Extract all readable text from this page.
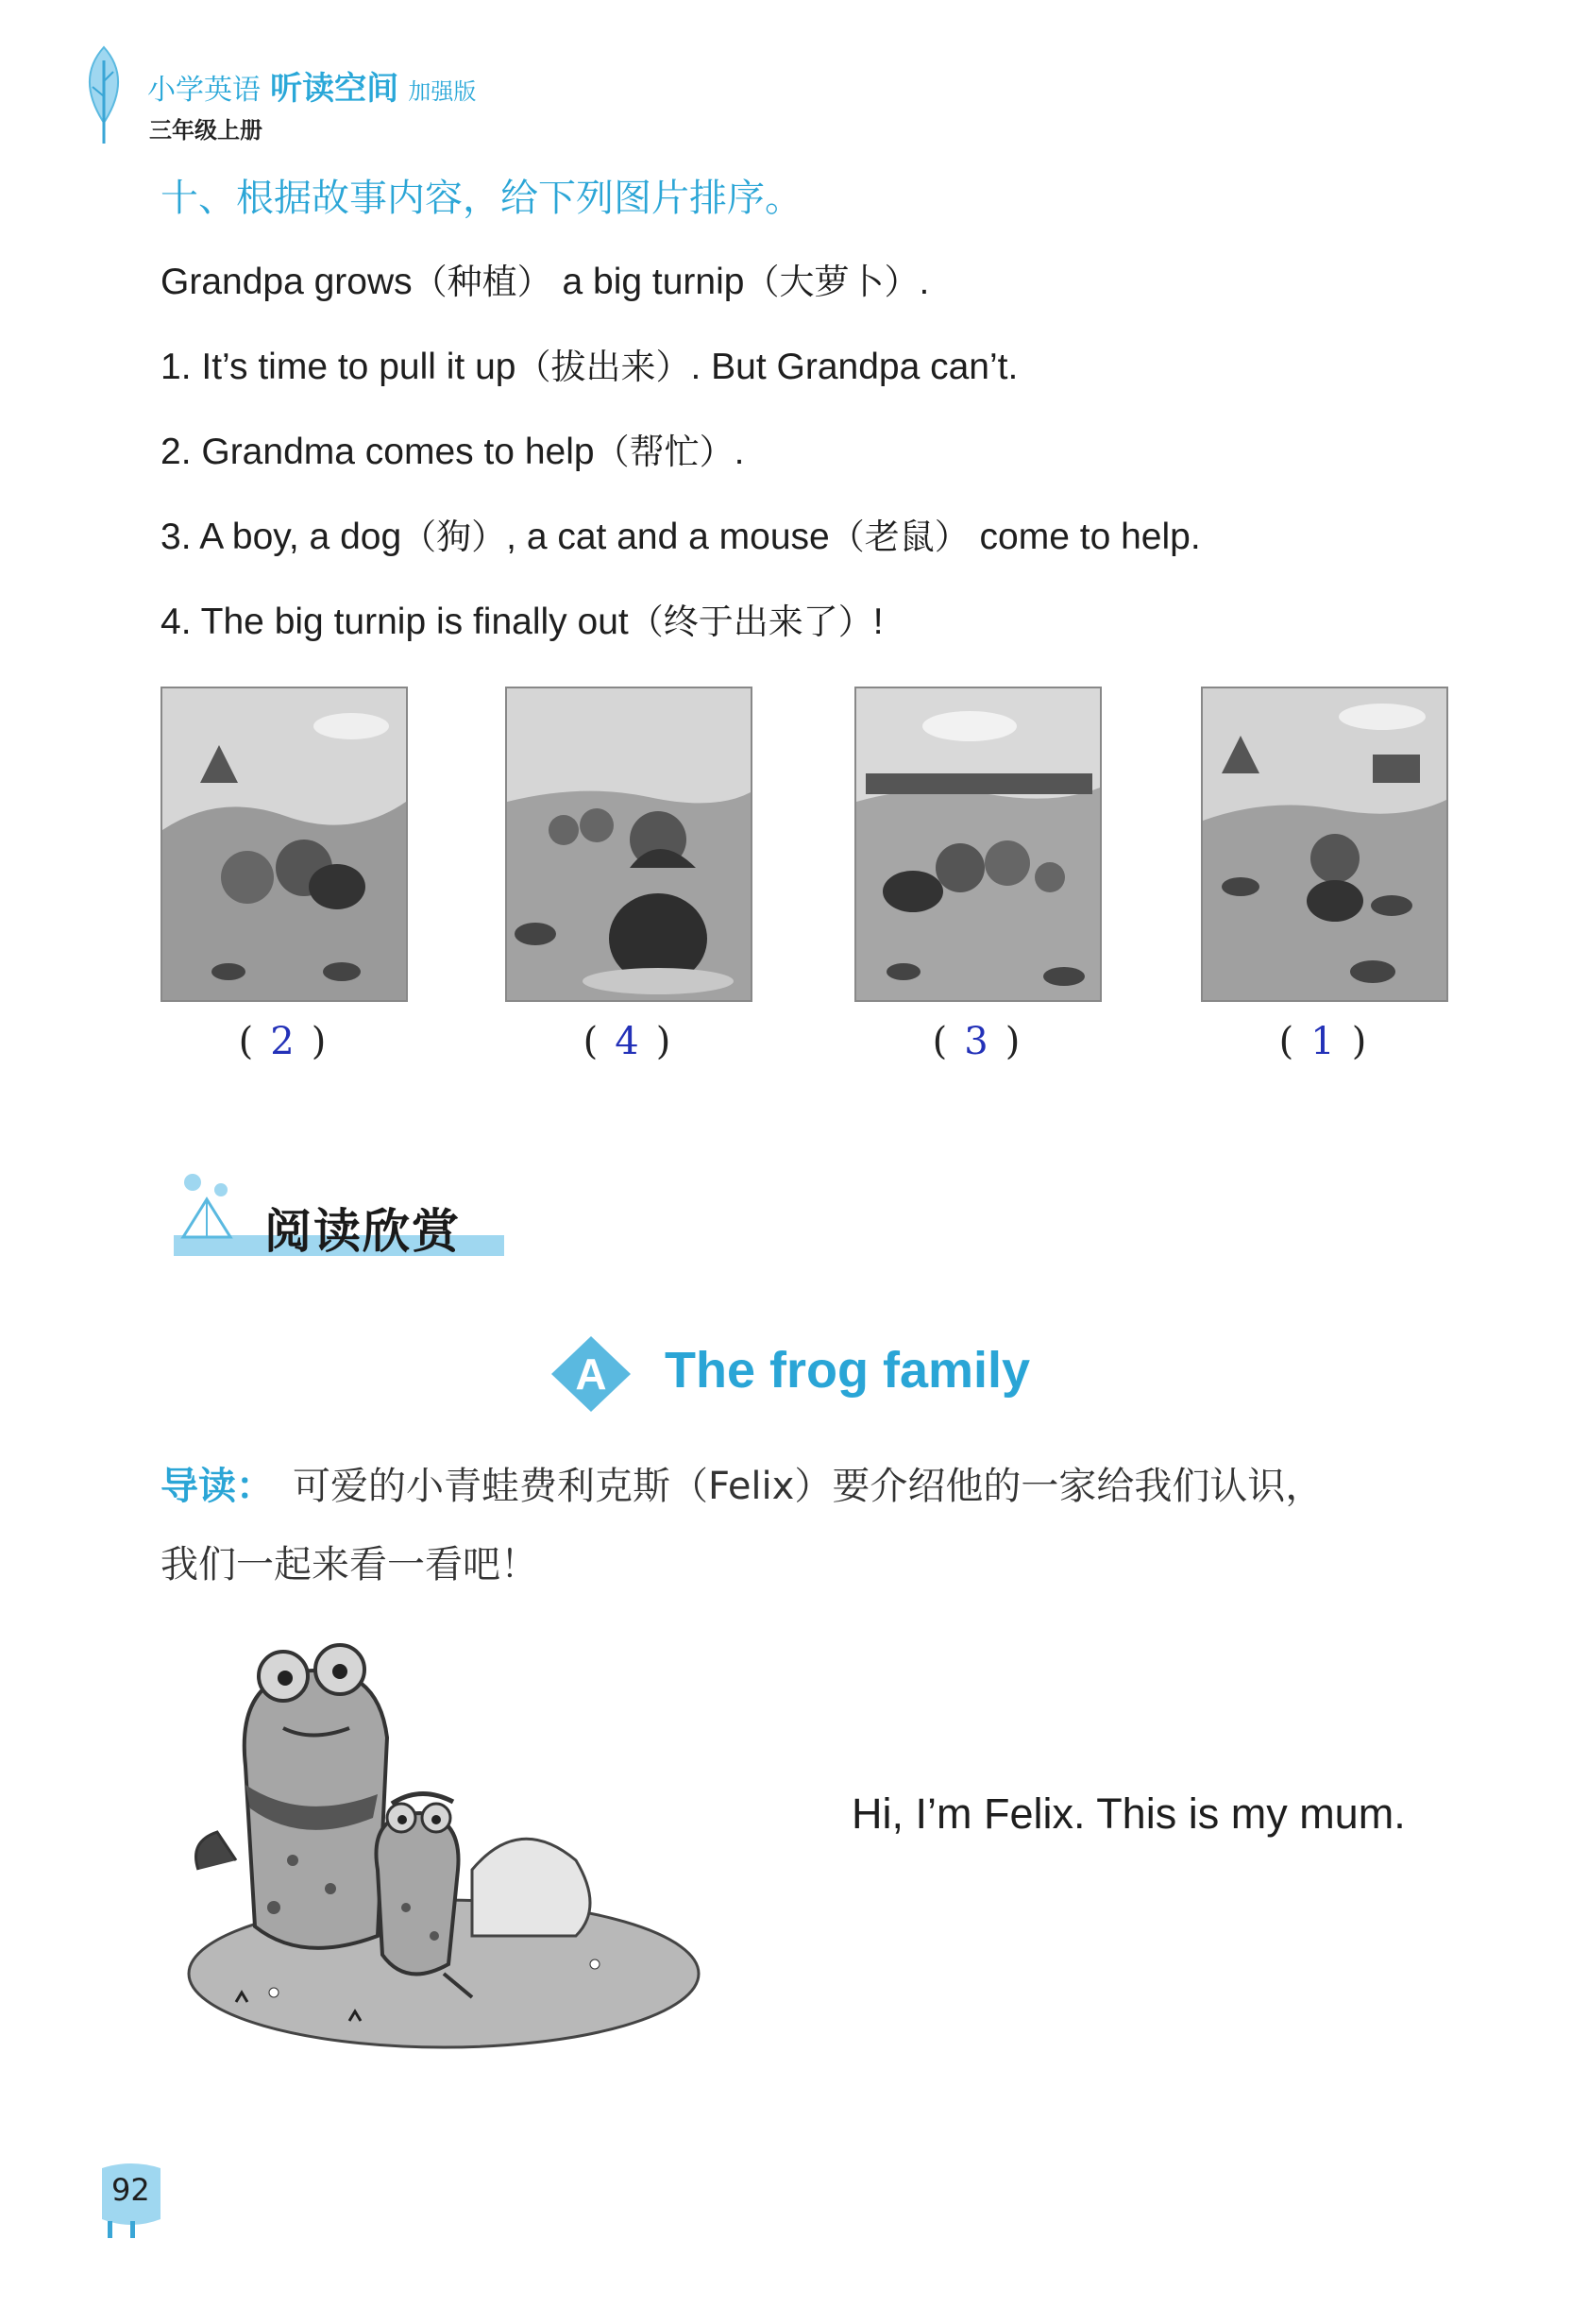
小学英语 听读空间 加强版
三年级上册
十、根据故事内容，给下列图片排序。
Grandpa grows（种植） a big turnip（大萝卜）.
1. It’s time to pull it up（拔出来）. But Grandpa can’t.
2. Grandma comes to help（帮忙）.
3. A boy, a dog（狗）, a cat and a mouse（老鼠） come to help.
4. The big turnip is finally out（终于出来了）!
( 2 )	( 4 )	( 3 )	( 1 )
阅读欣赏
A The frog family
导读： 可爱的小青蛙费利克斯（Felix）要介绍他的一家给我们认识，
我们一起来看一看吧！
Hi, I’m Felix. This is my mum.
92
